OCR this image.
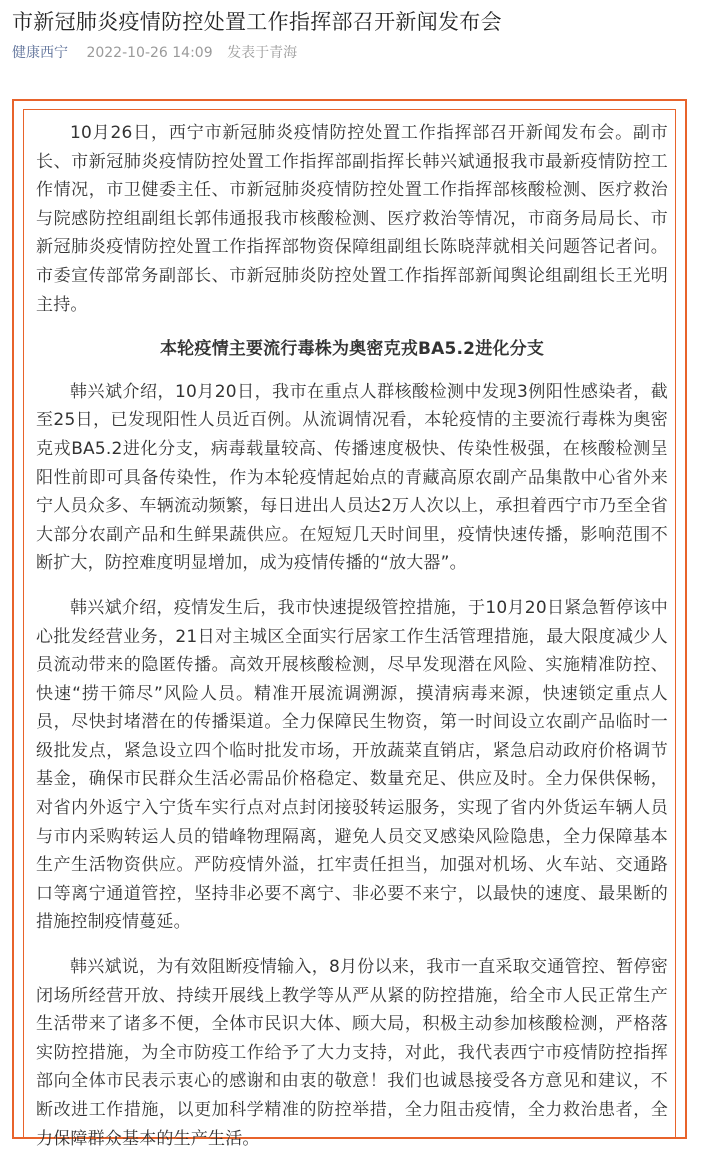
市新冠肺炎疫情防控处置工作指挥部召开新闻发布会
健康西宁 2022-10-26 14:09 发表于青海

10月26日，西宁市新冠肺炎疫情防控处置工作指挥部召开新闻发布会。副市长、市新冠肺炎疫情防控处置工作指挥部副指挥长韩兴斌通报我市最新疫情防控工作情况，市卫健委主任、市新冠肺炎疫情防控处置工作指挥部核酸检测、医疗救治与院感防控组副组长郭伟通报我市核酸检测、医疗救治等情况，市商务局局长、市新冠肺炎疫情防控处置工作指挥部物资保障组副组长陈晓萍就相关问题答记者问。市委宣传部常务副部长、市新冠肺炎防控处置工作指挥部新闻舆论组副组长王光明主持。

本轮疫情主要流行毒株为奥密克戎BA5.2进化分支

韩兴斌介绍，10月20日，我市在重点人群核酸检测中发现3例阳性感染者，截至25日，已发现阳性人员近百例。从流调情况看，本轮疫情的主要流行毒株为奥密克戎BA5.2进化分支，病毒载量较高、传播速度极快、传染性极强，在核酸检测呈阳性前即可具备传染性，作为本轮疫情起始点的青藏高原农副产品集散中心省外来宁人员众多、车辆流动频繁，每日进出人员达2万人次以上，承担着西宁市乃至全省大部分农副产品和生鲜果蔬供应。在短短几天时间里，疫情快速传播，影响范围不断扩大，防控难度明显增加，成为疫情传播的“放大器”。

韩兴斌介绍，疫情发生后，我市快速提级管控措施，于10月20日紧急暂停该中心批发经营业务，21日对主城区全面实行居家工作生活管理措施，最大限度减少人员流动带来的隐匿传播。高效开展核酸检测，尽早发现潜在风险、实施精准防控、快速“捞干筛尽”风险人员。精准开展流调溯源，摸清病毒来源，快速锁定重点人员，尽快封堵潜在的传播渠道。全力保障民生物资，第一时间设立农副产品临时一级批发点，紧急设立四个临时批发市场，开放蔬菜直销店，紧急启动政府价格调节基金，确保市民群众生活必需品价格稳定、数量充足、供应及时。全力保供保畅，对省内外返宁入宁货车实行点对点封闭接驳转运服务，实现了省内外货运车辆人员与市内采购转运人员的错峰物理隔离，避免人员交叉感染风险隐患，全力保障基本生产生活物资供应。严防疫情外溢，扛牢责任担当，加强对机场、火车站、交通路口等离宁通道管控，坚持非必要不离宁、非必要不来宁，以最快的速度、最果断的措施控制疫情蔓延。

韩兴斌说，为有效阻断疫情输入，8月份以来，我市一直采取交通管控、暂停密闭场所经营开放、持续开展线上教学等从严从紧的防控措施，给全市人民正常生产生活带来了诸多不便，全体市民识大体、顾大局，积极主动参加核酸检测，严格落实防控措施，为全市防疫工作给予了大力支持，对此，我代表西宁市疫情防控指挥部向全体市民表示衷心的感谢和由衷的敬意！我们也诚恳接受各方意见和建议，不断改进工作措施，以更加科学精准的防控举措，全力阻击疫情，全力救治患者，全力保障群众基本的生产生活。
